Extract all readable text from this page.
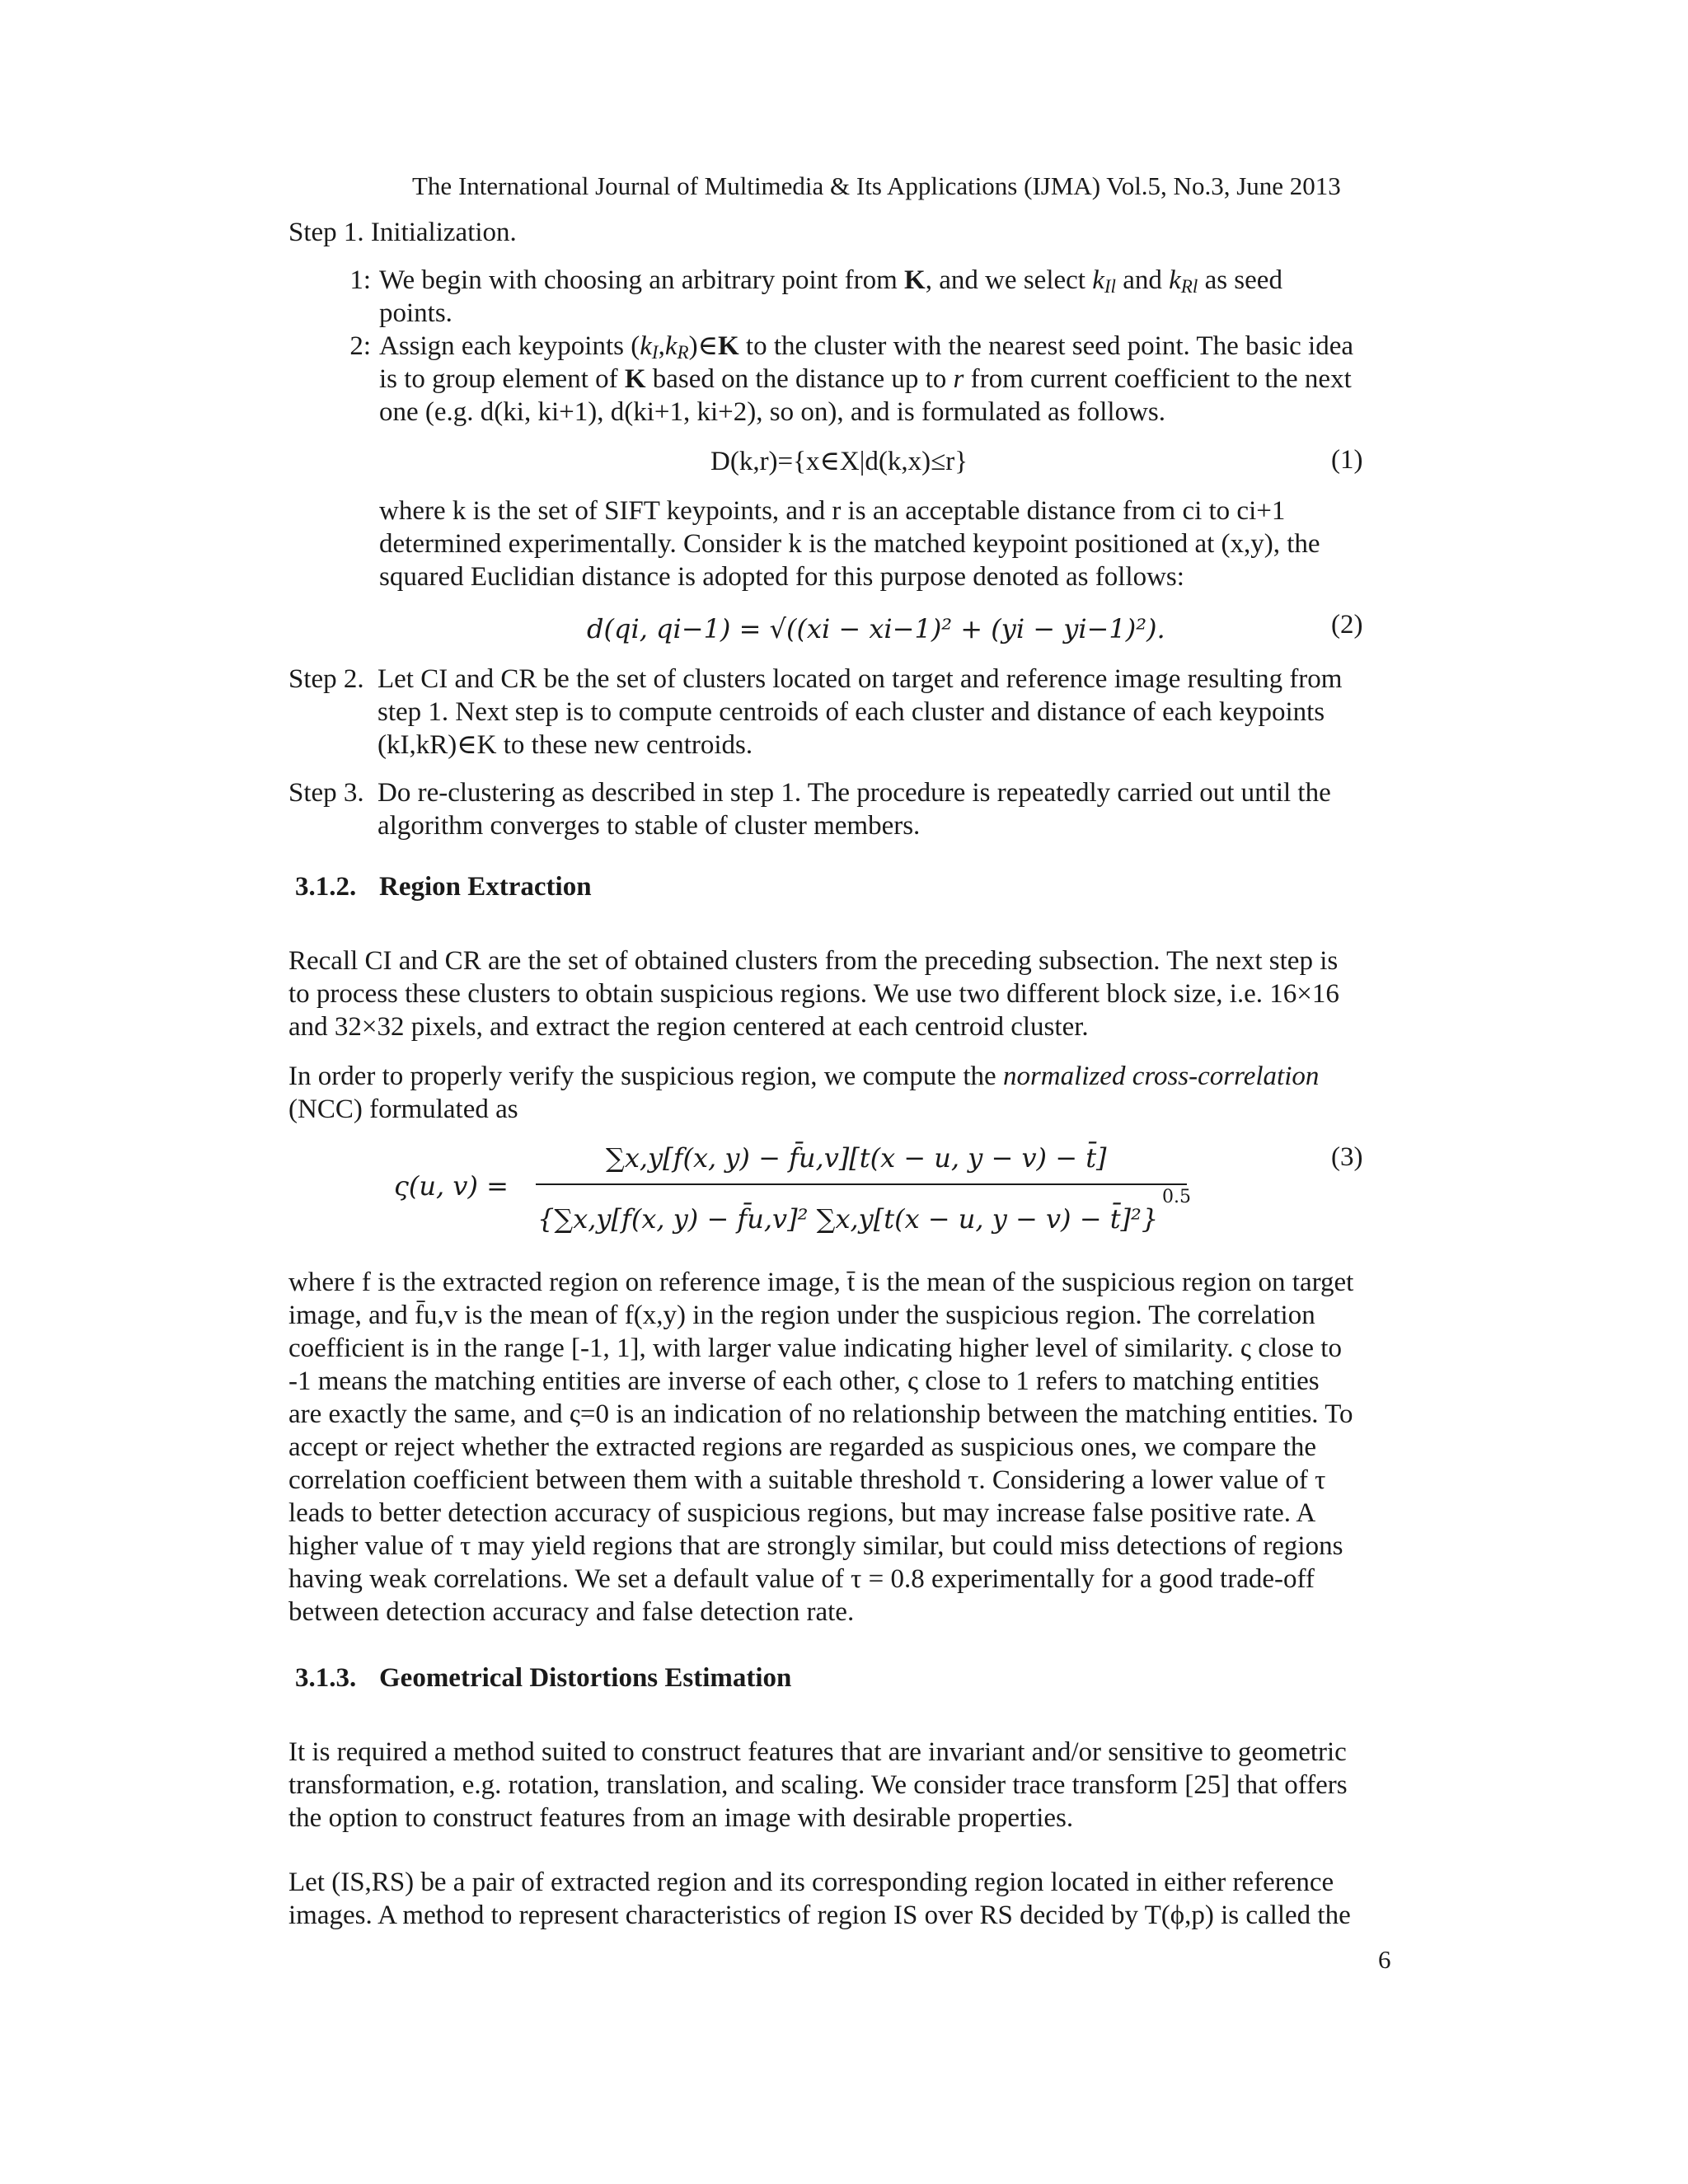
The International Journal of Multimedia & Its Applications (IJMA) Vol.5, No.3, June 2013
Step 1. Initialization.
1: We begin with choosing an arbitrary point from K, and we select $k_{Il}$ and $k_{Rl}$ as seed
points.
2: Assign each keypoints $(k_I,k_R)\in K$ to the cluster with the nearest seed point. The basic idea
is to group element of K based on the distance up to r from current coefficient to the next
one (e.g. d(ki, ki+1), d(ki+1, ki+2), so on), and is formulated as follows.
D(k,r)={x∈X|d(k,x)≤r}	(1)
where k is the set of SIFT keypoints, and r is an acceptable distance from ci to ci+1
determined experimentally. Consider k is the matched keypoint positioned at (x,y), the
squared Euclidian distance is adopted for this purpose denoted as follows:
d(qi, qi−1) = √((xi − xi−1)² + (yi − yi−1)²).	(2)
Step 2. Let CI and CR be the set of clusters located on target and reference image resulting from
step 1. Next step is to compute centroids of each cluster and distance of each keypoints
(kI,kR)∈K to these new centroids.
Step 3. Do re-clustering as described in step 1. The procedure is repeatedly carried out until the
algorithm converges to stable of cluster members.
3.1.2. Region Extraction
Recall CI and CR are the set of obtained clusters from the preceding subsection. The next step is
to process these clusters to obtain suspicious regions. We use two different block size, i.e. 16×16
and 32×32 pixels, and extract the region centered at each centroid cluster.
In order to properly verify the suspicious region, we compute the normalized cross-correlation
(NCC) formulated as
ς(u, v) =
∑x,y[f(x, y) − f̄u,v][t(x − u, y − v) − t̄]
{∑x,y[f(x, y) − f̄u,v]² ∑x,y[t(x − u, y − v) − t̄]²}
0.5
(3)
where f is the extracted region on reference image, t̄ is the mean of the suspicious region on target
image, and f̄u,v is the mean of f(x,y) in the region under the suspicious region. The correlation
coefficient is in the range [-1, 1], with larger value indicating higher level of similarity. ς close to
-1 means the matching entities are inverse of each other, ς close to 1 refers to matching entities
are exactly the same, and ς=0 is an indication of no relationship between the matching entities. To
accept or reject whether the extracted regions are regarded as suspicious ones, we compare the
correlation coefficient between them with a suitable threshold τ. Considering a lower value of τ
leads to better detection accuracy of suspicious regions, but may increase false positive rate. A
higher value of τ may yield regions that are strongly similar, but could miss detections of regions
having weak correlations. We set a default value of τ = 0.8 experimentally for a good trade-off
between detection accuracy and false detection rate.
3.1.3. Geometrical Distortions Estimation
It is required a method suited to construct features that are invariant and/or sensitive to geometric
transformation, e.g. rotation, translation, and scaling. We consider trace transform [25] that offers
the option to construct features from an image with desirable properties.
Let (IS,RS) be a pair of extracted region and its corresponding region located in either reference
images. A method to represent characteristics of region IS over RS decided by T(ϕ,p) is called the
6
